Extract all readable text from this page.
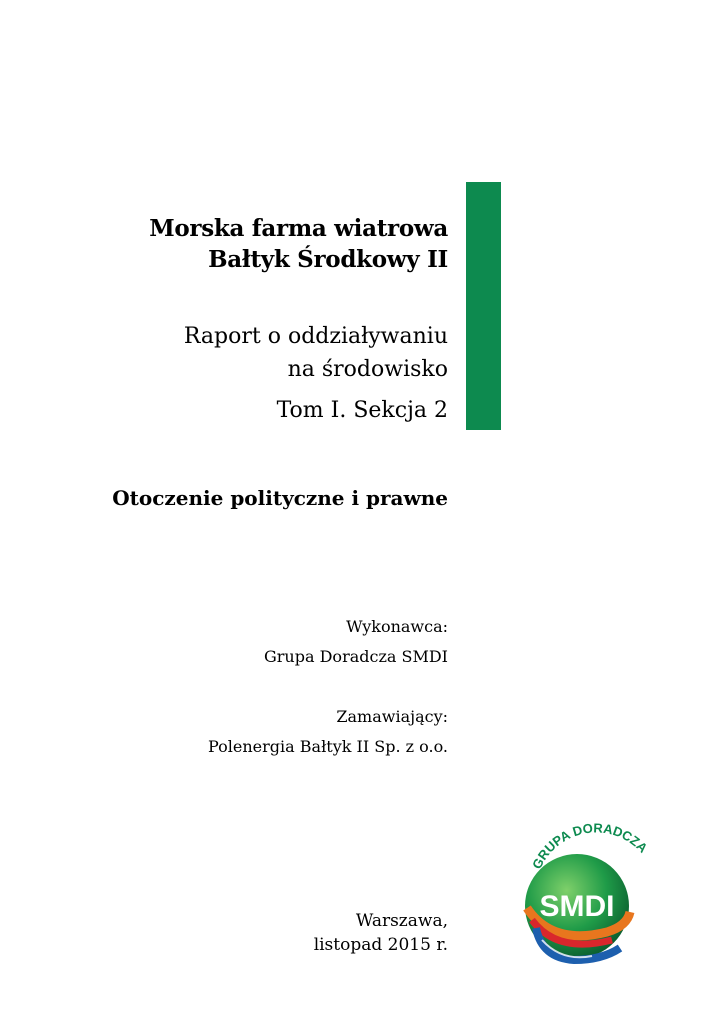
Morska farma wiatrowa
Bałtyk Środkowy II
Raport o oddziaływaniu
na środowisko
Tom I. Sekcja 2
Otoczenie polityczne i prawne
Wykonawca:
Grupa Doradcza SMDI
Zamawiający:
Polenergia Bałtyk II Sp. z o.o.
Warszawa,
listopad 2015 r.
GRUPA DORADCZA
SMDI
